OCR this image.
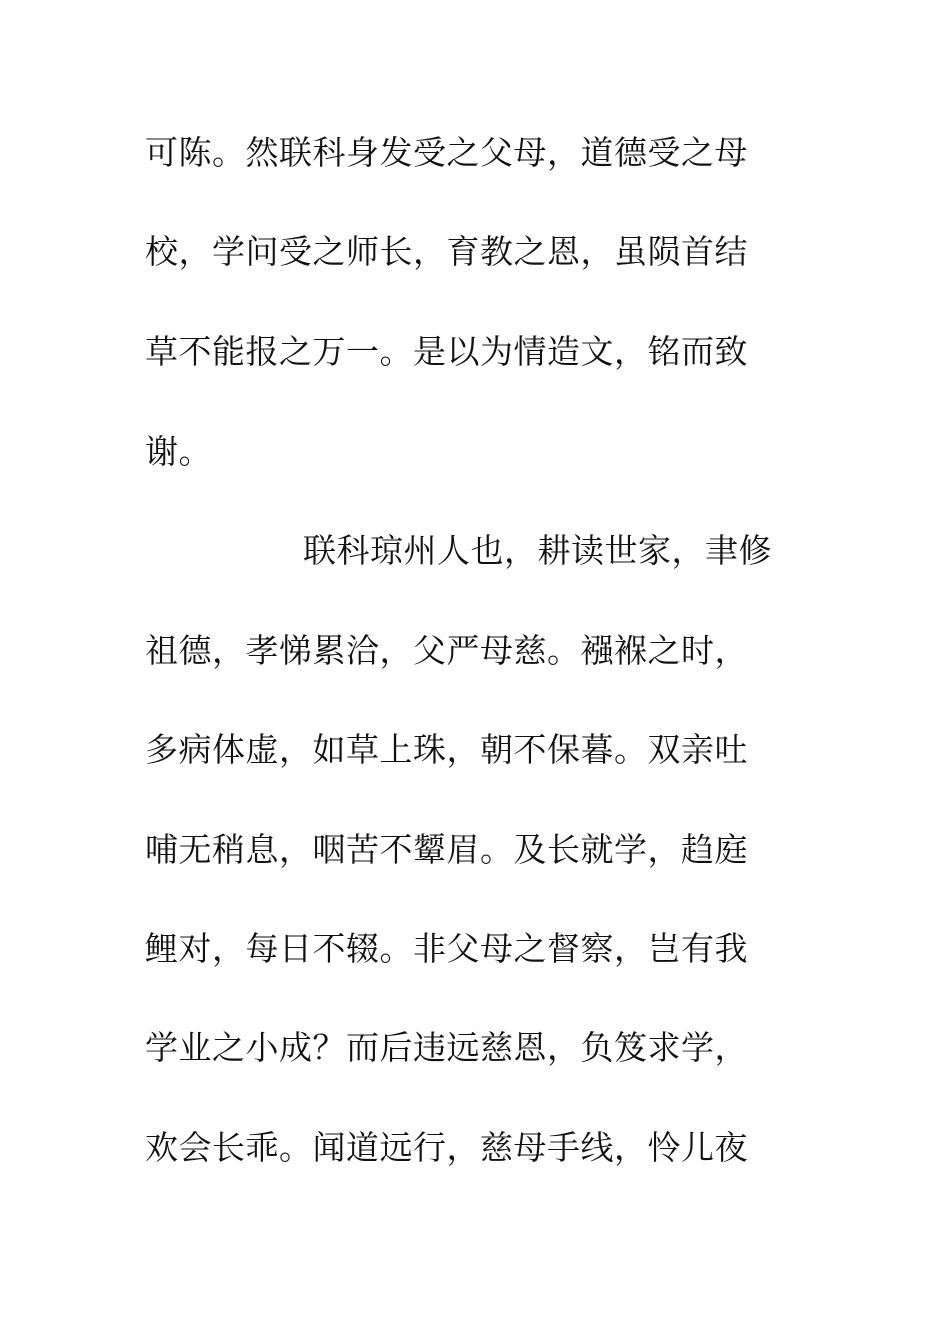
可陈。然联科身发受之父母，道德受之母
校，学问受之师长，育教之恩，虽陨首结
草不能报之万一。是以为情造文，铭而致
谢。
联科琼州人也，耕读世家，聿修
祖德，孝悌累洽，父严母慈。襁褓之时，
多病体虚，如草上珠，朝不保暮。双亲吐
哺无稍息，咽苦不颦眉。及长就学，趋庭
鲤对，每日不辍。非父母之督察，岂有我
学业之小成？而后违远慈恩，负笈求学，
欢会长乖。闻道远行，慈母手线，怜儿夜
